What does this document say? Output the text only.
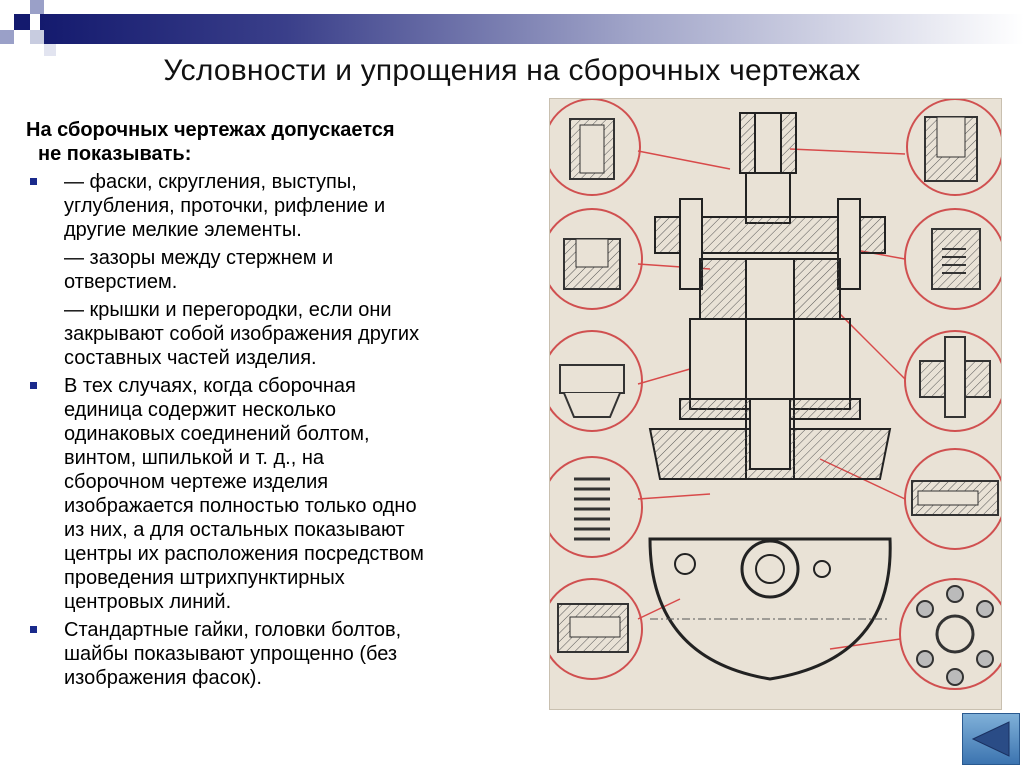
Условности и упрощения на сборочных чертежах
На сборочных чертежах допускается
не показывать:
— фаски, скругления, выступы,
углубления, проточки, рифление и
другие мелкие элементы.
— зазоры между стержнем и
отверстием.
— крышки и перегородки, если они
закрывают собой изображения других
составных частей изделия.
В тех случаях, когда сборочная
единица содержит несколько
одинаковых соединений болтом,
винтом, шпилькой и т. д., на
сборочном чертеже изделия
изображается полностью только одно
из них, а для остальных показывают
центры их расположения посредством
проведения штрихпунктирных
центровых линий.
Стандартные гайки, головки болтов,
шайбы показывают упрощенно (без
изображения фасок).
